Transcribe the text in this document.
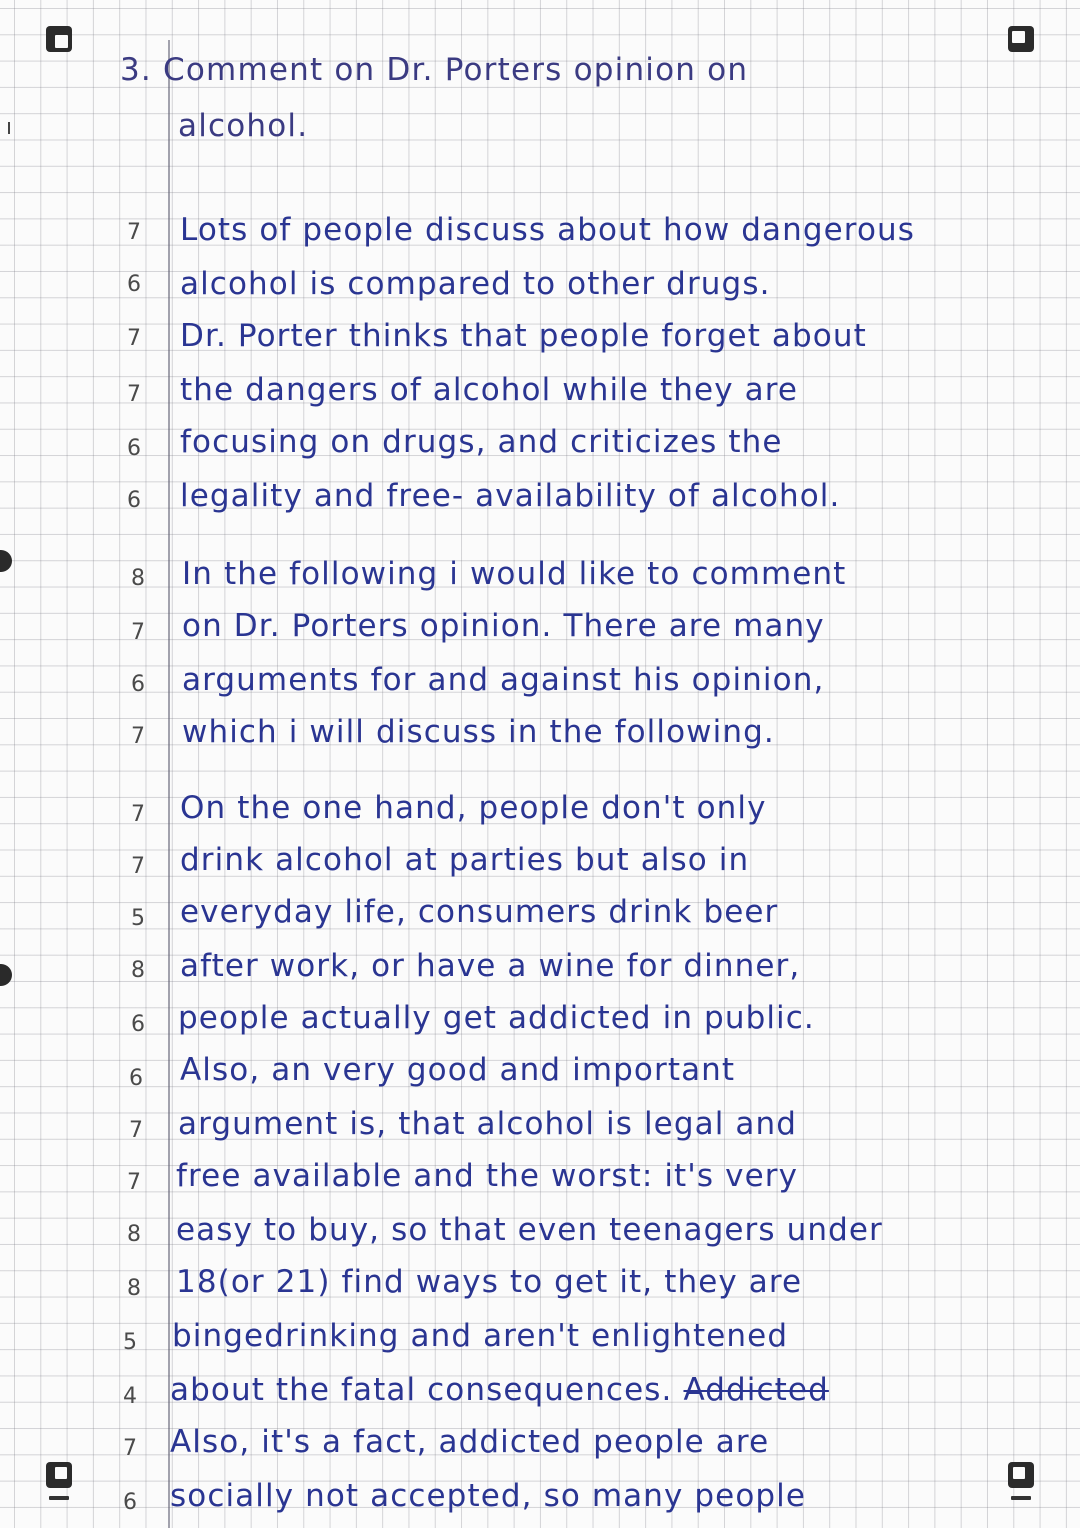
3. Comment on Dr. Porters opinion on
alcohol.
7 Lots of people discuss about how dangerous
6 alcohol is compared to other drugs.
7 Dr. Porter thinks that people forget about
7 the dangers of alcohol while they are
6 focusing on drugs, and criticizes the
6 legality and free- availability of alcohol.
8 In the following i would like to comment
7 on Dr. Porters opinion. There are many
6 arguments for and against his opinion,
7 which i will discuss in the following.
7 On the one hand, people don't only
7 drink alcohol at parties but also in
5 everyday life, consumers drink beer
8 after work, or have a wine for dinner,
6 people actually get addicted in public.
6 Also, an very good and important
7 argument is, that alcohol is legal and
7 free available and the worst: it's very
8 easy to buy, so that even teenagers under
8 18(or 21) find ways to get it, they are
5 bingedrinking and aren't enlightened
4 about the fatal consequences. Addicted
7 Also, it's a fact, addicted people are
6 socially not accepted, so many people
